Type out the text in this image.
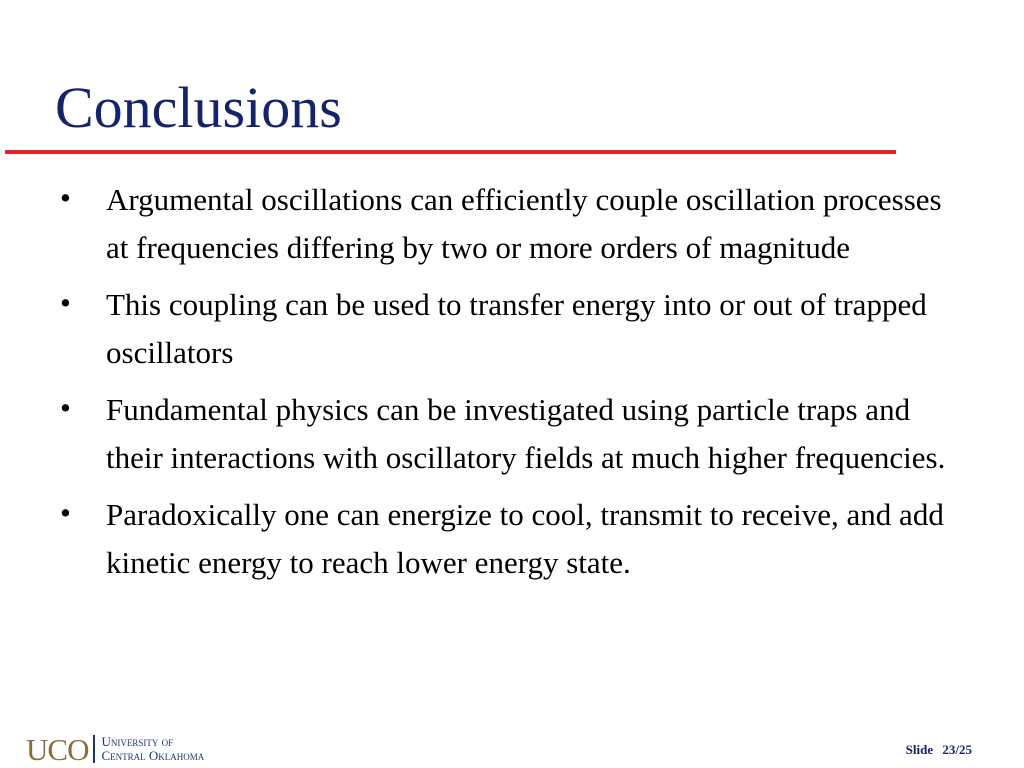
Conclusions
• Argumental oscillations can efficiently couple oscillation processes at frequencies differing by two or more orders of magnitude
• This coupling can be used to transfer energy into or out of trapped oscillators
• Fundamental physics can be investigated using particle traps and their interactions with oscillatory fields at much higher frequencies.
• Paradoxically one can energize to cool, transmit to receive, and add kinetic energy to reach lower energy state.
UCO University of
Central Oklahoma	Slide 23/25
